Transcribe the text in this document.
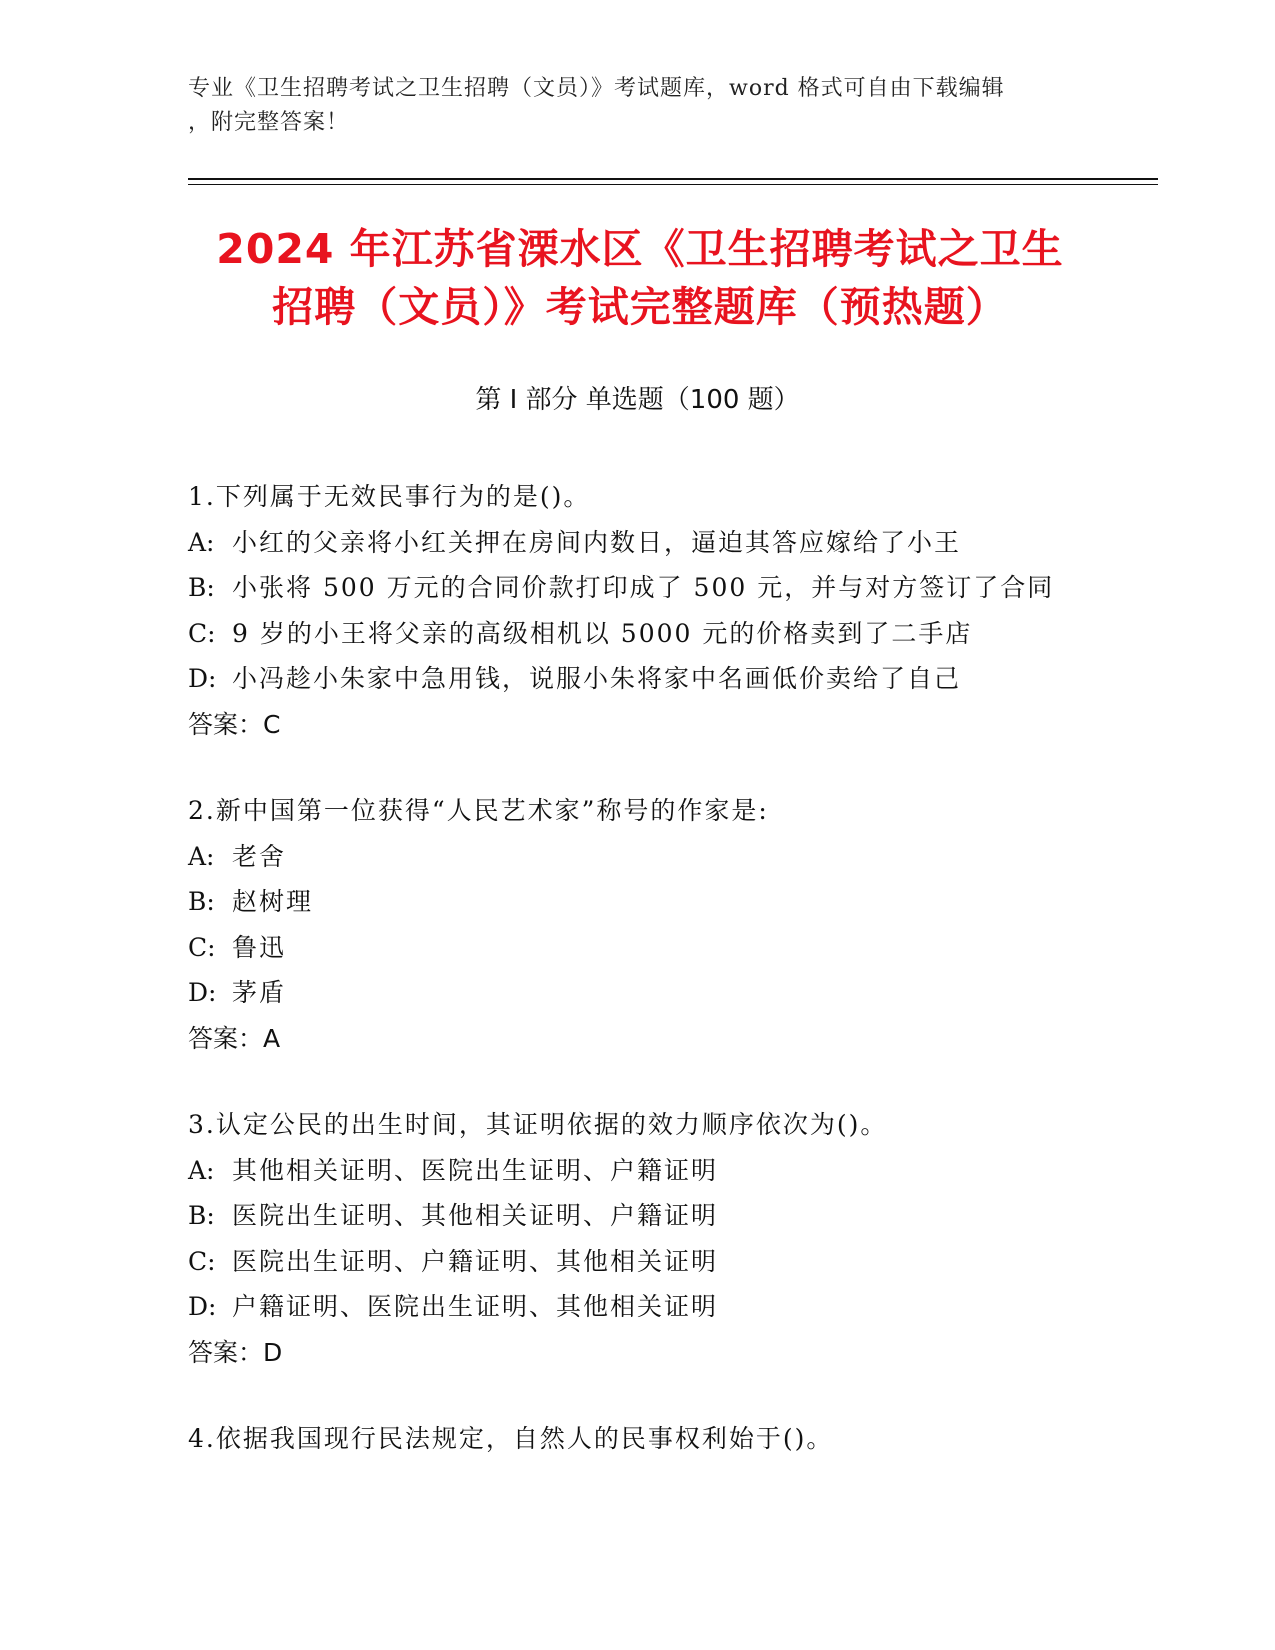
专业《卫生招聘考试之卫生招聘（文员）》考试题库，word 格式可自由下载编辑
，附完整答案！
2024 年江苏省溧水区《卫生招聘考试之卫生
招聘（文员）》考试完整题库（预热题）
第 I 部分 单选题（100 题）
1.下列属于无效民事行为的是()。
A: 小红的父亲将小红关押在房间内数日，逼迫其答应嫁给了小王
B: 小张将 500 万元的合同价款打印成了 500 元，并与对方签订了合同
C: 9 岁的小王将父亲的高级相机以 5000 元的价格卖到了二手店
D: 小冯趁小朱家中急用钱，说服小朱将家中名画低价卖给了自己
答案：C
2.新中国第一位获得“人民艺术家”称号的作家是:
A: 老舍
B: 赵树理
C: 鲁迅
D: 茅盾
答案：A
3.认定公民的出生时间，其证明依据的效力顺序依次为()。
A: 其他相关证明、医院出生证明、户籍证明
B: 医院出生证明、其他相关证明、户籍证明
C: 医院出生证明、户籍证明、其他相关证明
D: 户籍证明、医院出生证明、其他相关证明
答案：D
4.依据我国现行民法规定，自然人的民事权利始于()。
